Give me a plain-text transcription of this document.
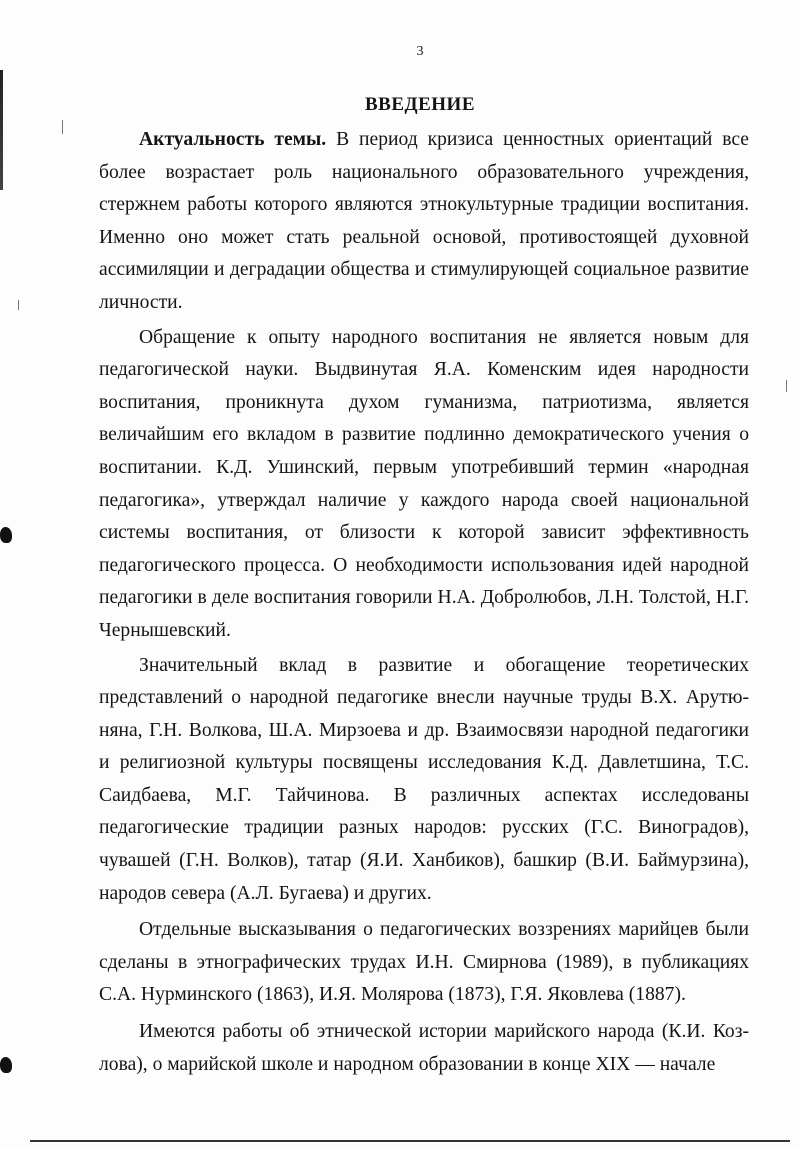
3
ВВЕДЕНИЕ

Актуальность темы. В период кризиса ценностных ориентаций все более возрастает роль национального образовательного учреждения, стержнем работы которого являются этнокультурные традиции воспитания. Именно оно может стать реальной основой, противостоящей духовной ассимиляции и деградации общества и стимулирующей социальное развитие личности.

Обращение к опыту народного воспитания не является новым для педагогической науки. Выдвинутая Я.А. Коменским идея народности воспитания, проникнута духом гуманизма, патриотизма, является величайшим его вкладом в развитие подлинно демократического учения о воспитании. К.Д. Ушинский, первым употребивший термин «народная педагогика», утверждал наличие у каждого народа своей национальной системы воспитания, от близости к которой зависит эффективность педагогического процесса. О необходимости использования идей народной педагогики в деле воспитания говорили Н.А. Добролюбов, Л.Н. Толстой, Н.Г. Чернышевский.

Значительный вклад в развитие и обогащение теоретических представлений о народной педагогике внесли научные труды В.Х. Арутюняна, Г.Н. Волкова, Ш.А. Мирзоева и др. Взаимосвязи народной педагогики и религиозной культуры посвящены исследования К.Д. Давлетшина, Т.С. Саидбаева, М.Г. Тайчинова. В различных аспектах исследованы педагогические традиции разных народов: русских (Г.С. Виноградов), чувашей (Г.Н. Волков), татар (Я.И. Ханбиков), башкир (В.И. Баймурзина), народов севера (А.Л. Бугаева) и других.

Отдельные высказывания о педагогических воззрениях марийцев были сделаны в этнографических трудах И.Н. Смирнова (1989), в публикациях С.А. Нурминского (1863), И.Я. Молярова (1873), Г.Я. Яковлева (1887).

Имеются работы об этнической истории марийского народа (К.И. Козлова), о марийской школе и народном образовании в конце XIX — начале
